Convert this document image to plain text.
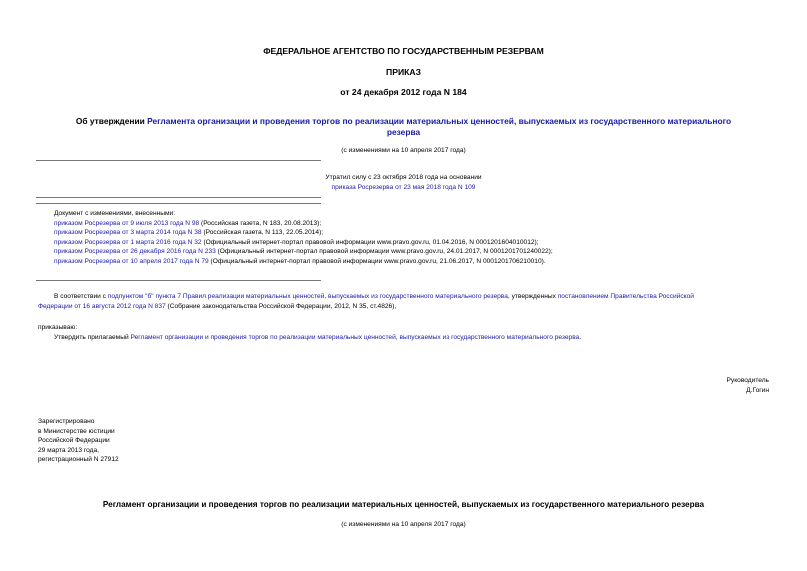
ФЕДЕРАЛЬНОЕ АГЕНТСТВО ПО ГОСУДАРСТВЕННЫМ РЕЗЕРВАМ
ПРИКАЗ
от 24 декабря 2012 года N 184
Об утверждении Регламента организации и проведения торгов по реализации материальных ценностей, выпускаемых из государственного материального
резерва
(с изменениями на 10 апреля 2017 года)
Утратил силу с 23 октября 2018 года на основании
приказа Росрезерва от 23 мая 2018 года N 109
Документ с изменениями, внесенными:
приказом Росрезерва от 9 июля 2013 года N 98 (Российская газета, N 183, 20.08.2013);
приказом Росрезерва от 3 марта 2014 года N 38 (Российская газета, N 113, 22.05.2014);
приказом Росрезерва от 1 марта 2016 года N 32 (Официальный интернет-портал правовой информации www.pravo.gov.ru, 01.04.2016, N 0001201604010012);
приказом Росрезерва от 26 декабря 2016 года N 233 (Официальный интернет-портал правовой информации www.pravo.gov.ru, 24.01.2017, N 0001201701240022);
приказом Росрезерва от 10 апреля 2017 года N 79 (Официальный интернет-портал правовой информации www.pravo.gov.ru, 21.06.2017, N 0001201706210010).
В соответствии с подпунктом "б" пункта 7 Правил реализации материальных ценностей, выпускаемых из государственного материального резерва, утвержденных постановлением Правительства Российской
Федерации от 16 августа 2012 года N 837 (Собрание законодательства Российской Федерации, 2012, N 35, ст.4826),
приказываю:
Утвердить прилагаемый Регламент организации и проведения торгов по реализации материальных ценностей, выпускаемых из государственного материального резерва.
Руководитель
Д.Гогин
Зарегистрировано
в Министерстве юстиции
Российской Федерации
29 марта 2013 года,
регистрационный N 27912
Регламент организации и проведения торгов по реализации материальных ценностей, выпускаемых из государственного материального резерва
(с изменениями на 10 апреля 2017 года)
